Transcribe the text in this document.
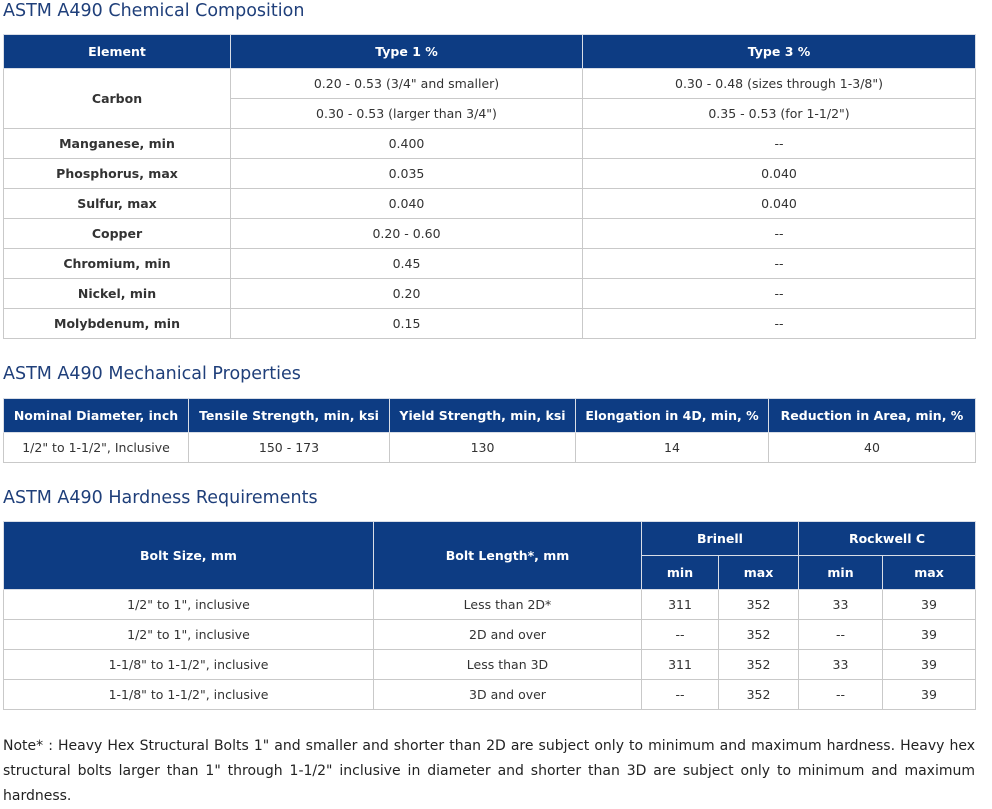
ASTM A490 Chemical Composition
Element	Type 1 %	Type 3 %
Carbon	0.20 - 0.53 (3/4" and smaller)	0.30 - 0.48 (sizes through 1-3/8")
	0.30 - 0.53 (larger than 3/4")	0.35 - 0.53 (for 1-1/2")
Manganese, min	0.400	--
Phosphorus, max	0.035	0.040
Sulfur, max	0.040	0.040
Copper	0.20 - 0.60	--
Chromium, min	0.45	--
Nickel, min	0.20	--
Molybdenum, min	0.15	--
ASTM A490 Mechanical Properties
Nominal Diameter, inch	Tensile Strength, min, ksi	Yield Strength, min, ksi	Elongation in 4D, min, %	Reduction in Area, min, %
1/2" to 1-1/2", Inclusive	150 - 173	130	14	40
ASTM A490 Hardness Requirements
Bolt Size, mm	Bolt Length*, mm	Brinell		Rockwell C	
		min	max	min	max
1/2" to 1", inclusive	Less than 2D*	311	352	33	39
1/2" to 1", inclusive	2D and over	--	352	--	39
1-1/8" to 1-1/2", inclusive	Less than 3D	311	352	33	39
1-1/8" to 1-1/2", inclusive	3D and over	--	352	--	39

Note* : Heavy Hex Structural Bolts 1" and smaller and shorter than 2D are subject only to minimum and maximum hardness. Heavy hex structural bolts larger than 1" through 1-1/2" inclusive in diameter and shorter than 3D are subject only to minimum and maximum hardness.
